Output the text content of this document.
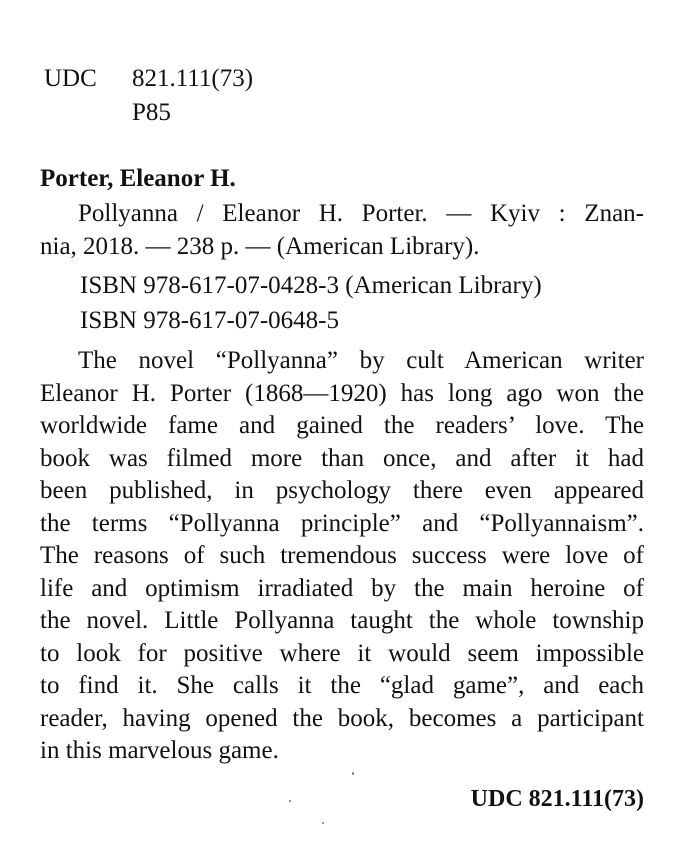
UDC 821.111(73)
P85
Porter, Eleanor H.
Pollyanna / Eleanor H. Porter. — Kyiv : Znan-
nia, 2018. — 238 p. — (American Library).
ISBN 978-617-07-0428-3 (American Library)
ISBN 978-617-07-0648-5
The novel “Pollyanna” by cult American writer
Eleanor H. Porter (1868—1920) has long ago won the
worldwide fame and gained the readers’ love. The
book was filmed more than once, and after it had
been published, in psychology there even appeared
the terms “Pollyanna principle” and “Pollyannaism”.
The reasons of such tremendous success were love of
life and optimism irradiated by the main heroine of
the novel. Little Pollyanna taught the whole township
to look for positive where it would seem impossible
to find it. She calls it the “glad game”, and each
reader, having opened the book, becomes a participant
in this marvelous game.
UDC 821.111(73)
